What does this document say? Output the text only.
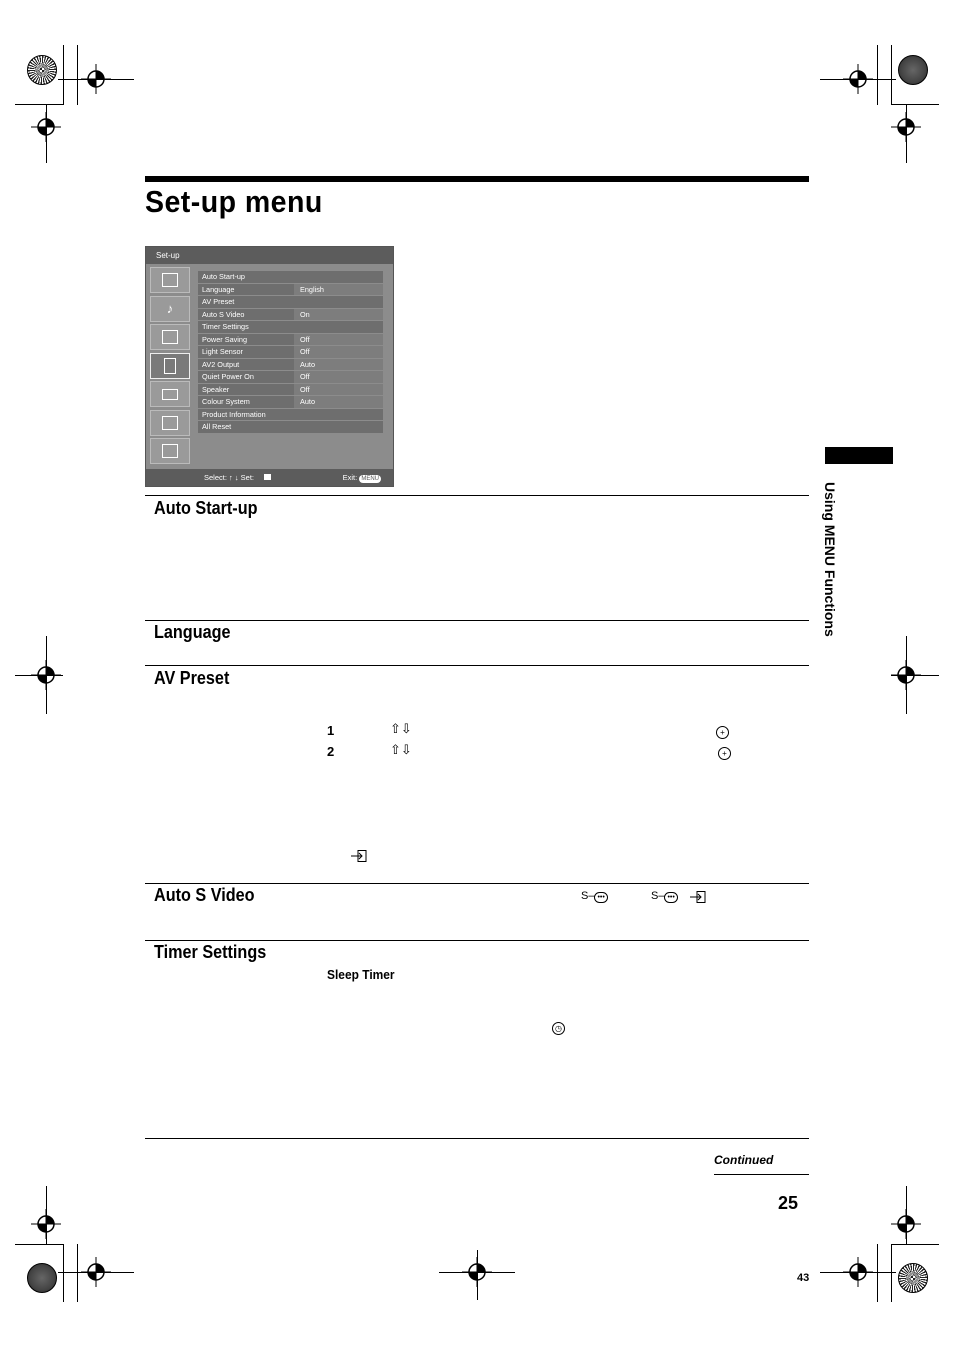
Set-up menu
Set-up
♪
Auto Start-up
Language	English
AV Preset
Auto S Video	On
Timer Settings
Power Saving	Off
Light Sensor	Off
AV2 Output	Auto
Quiet Power On	Off
Speaker	Off
Colour System	Auto
Product Information
All Reset
Select: ↑ ↓ Set:	Exit: MENU
Auto Start-up
Language
AV Preset
1	⇧⇩	+
2	⇧⇩	+
Auto S Video	S– •••	S– •••
Timer Settings
Sleep Timer
◷
Using MENU Functions
Continued
25
43
